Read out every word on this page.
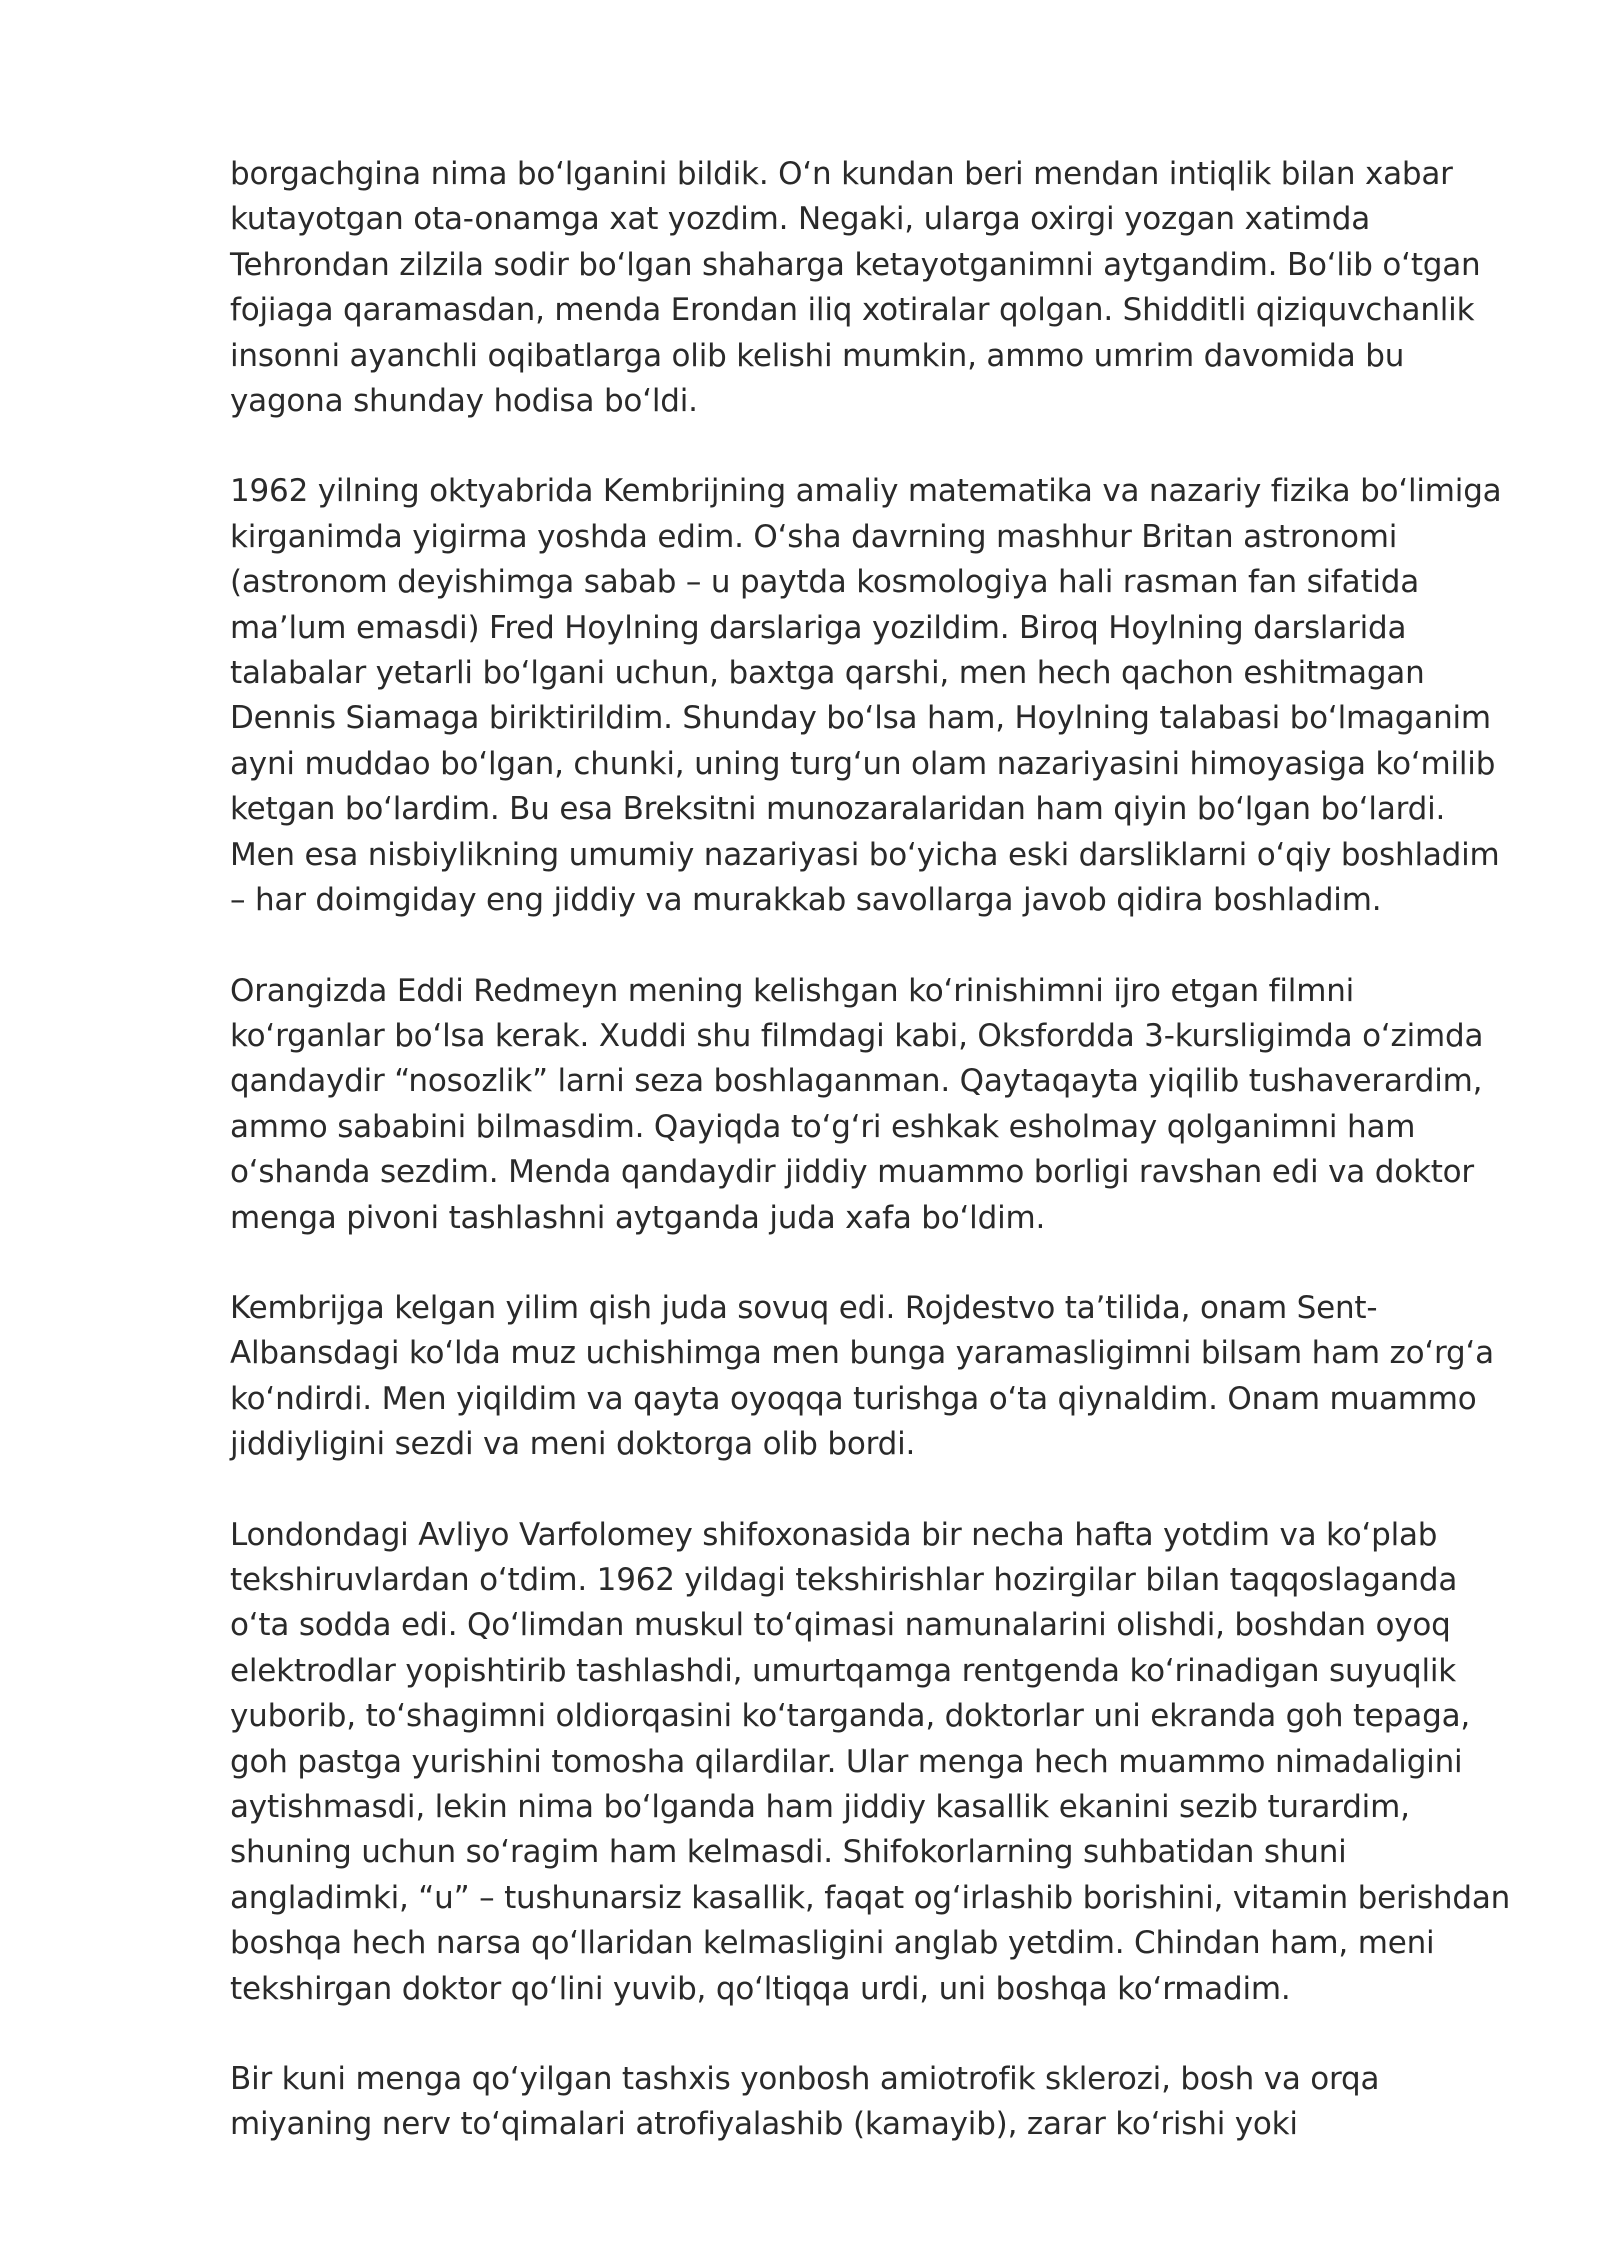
borgachgina nima boʻlganini bildik. Oʻn kundan beri mendan intiqlik bilan xabar
kutayotgan ota-onamga xat yozdim. Negaki, ularga oxirgi yozgan xatimda
Tehrondan zilzila sodir boʻlgan shaharga ketayotganimni aytgandim. Boʻlib oʻtgan
fojiaga qaramasdan, menda Erondan iliq xotiralar qolgan. Shidditli qiziquvchanlik
insonni ayanchli oqibatlarga olib kelishi mumkin, ammo umrim davomida bu
yagona shunday hodisa boʻldi.
1962 yilning oktyabrida Kembrijning amaliy matematika va nazariy fizika boʻlimiga
kirganimda yigirma yoshda edim. Oʻsha davrning mashhur Britan astronomi
(astronom deyishimga sabab – u paytda kosmologiya hali rasman fan sifatida
maʼlum emasdi) Fred Hoylning darslariga yozildim. Biroq Hoylning darslarida
talabalar yetarli boʻlgani uchun, baxtga qarshi, men hech qachon eshitmagan
Dennis Siamaga biriktirildim. Shunday boʻlsa ham, Hoylning talabasi boʻlmaganim
ayni muddao boʻlgan, chunki, uning turgʻun olam nazariyasini himoyasiga koʻmilib
ketgan boʻlardim. Bu esa Breksitni munozaralaridan ham qiyin boʻlgan boʻlardi.
Men esa nisbiylikning umumiy nazariyasi boʻyicha eski darsliklarni oʻqiy boshladim
– har doimgiday eng jiddiy va murakkab savollarga javob qidira boshladim.
Orangizda Eddi Redmeyn mening kelishgan koʻrinishimni ijro etgan filmni
koʻrganlar boʻlsa kerak. Xuddi shu filmdagi kabi, Oksfordda 3-kursligimda oʻzimda
qandaydir “nosozlik” larni seza boshlaganman. Qaytaqayta yiqilib tushaverardim,
ammo sababini bilmasdim. Qayiqda toʻgʻri eshkak esholmay qolganimni ham
oʻshanda sezdim. Menda qandaydir jiddiy muammo borligi ravshan edi va doktor
menga pivoni tashlashni aytganda juda xafa boʻldim.
Kembrijga kelgan yilim qish juda sovuq edi. Rojdestvo taʼtilida, onam Sent-
Albansdagi koʻlda muz uchishimga men bunga yaramasligimni bilsam ham zoʻrgʻa
koʻndirdi. Men yiqildim va qayta oyoqqa turishga oʻta qiynaldim. Onam muammo
jiddiyligini sezdi va meni doktorga olib bordi.
Londondagi Avliyo Varfolomey shifoxonasida bir necha hafta yotdim va koʻplab
tekshiruvlardan oʻtdim. 1962 yildagi tekshirishlar hozirgilar bilan taqqoslaganda
oʻta sodda edi. Qoʻlimdan muskul toʻqimasi namunalarini olishdi, boshdan oyoq
elektrodlar yopishtirib tashlashdi, umurtqamga rentgenda koʻrinadigan suyuqlik
yuborib, toʻshagimni oldiorqasini koʻtarganda, doktorlar uni ekranda goh tepaga,
goh pastga yurishini tomosha qilardilar. Ular menga hech muammo nimadaligini
aytishmasdi, lekin nima boʻlganda ham jiddiy kasallik ekanini sezib turardim,
shuning uchun soʻragim ham kelmasdi. Shifokorlarning suhbatidan shuni
angladimki, “u” – tushunarsiz kasallik, faqat ogʻirlashib borishini, vitamin berishdan
boshqa hech narsa qoʻllaridan kelmasligini anglab yetdim. Chindan ham, meni
tekshirgan doktor qoʻlini yuvib, qoʻltiqqa urdi, uni boshqa koʻrmadim.
Bir kuni menga qoʻyilgan tashxis yonbosh amiotrofik sklerozi, bosh va orqa
miyaning nerv toʻqimalari atrofiyalashib (kamayib), zarar koʻrishi yoki
